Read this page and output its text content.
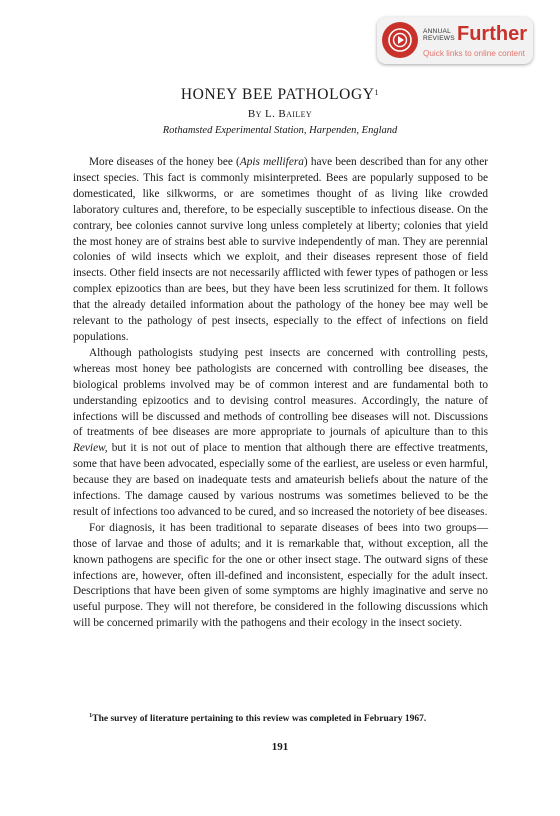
ANNUAL
REVIEWS Further
Quick links to online content
HONEY BEE PATHOLOGY$^1$
By L. Bailey
Rothamsted Experimental Station, Harpenden, England

More diseases of the honey bee (Apis mellifera) have been described than for any other insect species. This fact is commonly misinterpreted. Bees are popularly supposed to be domesticated, like silkworms, or are sometimes thought of as living like crowded laboratory cultures and, therefore, to be especially susceptible to infectious disease. On the contrary, bee colonies cannot survive long unless completely at liberty; colonies that yield the most honey are of strains best able to survive independently of man. They are perennial colonies of wild insects which we exploit, and their diseases represent those of field insects. Other field insects are not necessarily afflicted with fewer types of pathogen or less complex epizootics than are bees, but they have been less scrutinized for them. It follows that the already detailed information about the pathology of the honey bee may well be relevant to the pathology of pest insects, especially to the effect of infections on field populations.

Although pathologists studying pest insects are concerned with controlling pests, whereas most honey bee pathologists are concerned with controlling bee diseases, the biological problems involved may be of common interest and are fundamental both to understanding epizootics and to devising control measures. Accordingly, the nature of infections will be discussed and methods of controlling bee diseases will not. Discussions of treatments of bee diseases are more appropriate to journals of apiculture than to this Review, but it is not out of place to mention that although there are effective treatments, some that have been advocated, especially some of the earliest, are useless or even harmful, because they are based on inadequate tests and amateurish beliefs about the nature of the infections. The damage caused by various nostrums was sometimes believed to be the result of infections too advanced to be cured, and so increased the notoriety of bee diseases.

For diagnosis, it has been traditional to separate diseases of bees into two groups—those of larvae and those of adults; and it is remarkable that, without exception, all the known pathogens are specific for the one or other insect stage. The outward signs of these infections are, however, often ill-defined and inconsistent, especially for the adult insect. Descriptions that have been given of some symptoms are highly imaginative and serve no useful purpose. They will not therefore, be considered in the following discussions which will be concerned primarily with the pathogens and their ecology in the insect society.

$^1$The survey of literature pertaining to this review was completed in February 1967.
191
